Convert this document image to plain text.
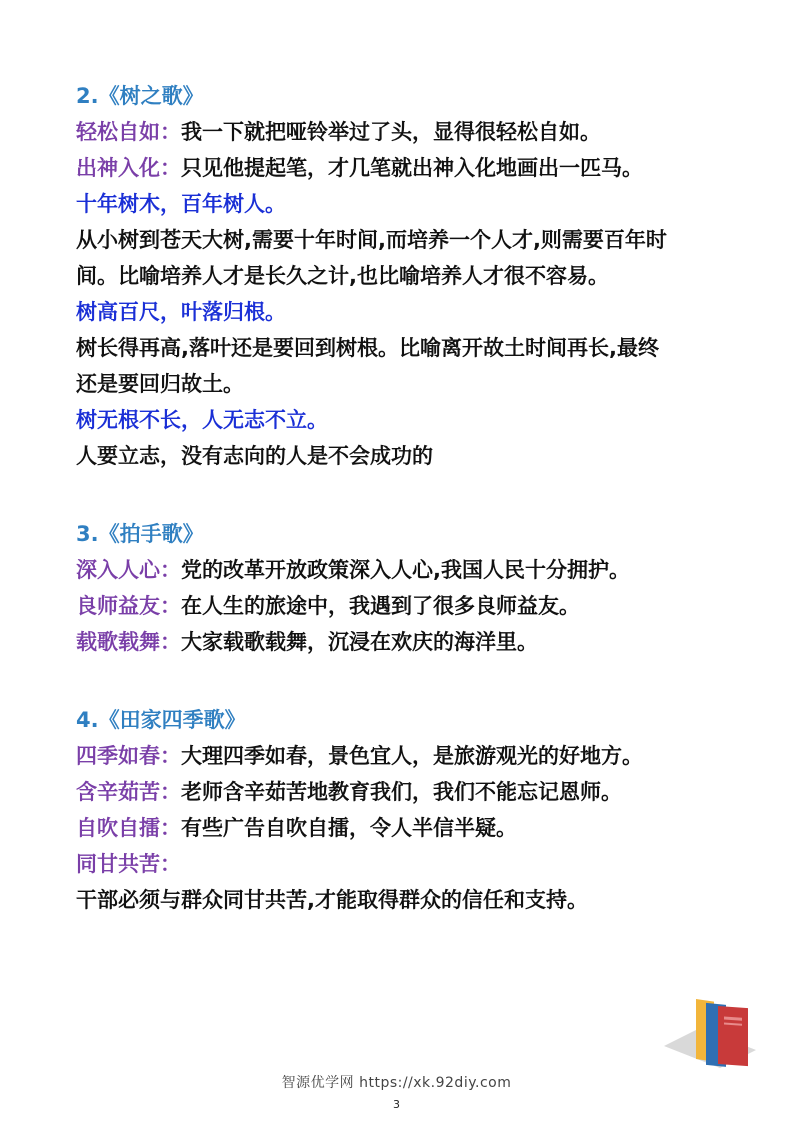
2.《树之歌》
轻松自如：我一下就把哑铃举过了头，显得很轻松自如。
出神入化：只见他提起笔，才几笔就出神入化地画出一匹马。
十年树木，百年树人。
从小树到苍天大树,需要十年时间,而培养一个人才,则需要百年时
间。比喻培养人才是长久之计,也比喻培养人才很不容易。
树高百尺，叶落归根。
树长得再高,落叶还是要回到树根。比喻离开故土时间再长,最终
还是要回归故土。
树无根不长，人无志不立。
人要立志，没有志向的人是不会成功的
3.《拍手歌》
深入人心：党的改革开放政策深入人心,我国人民十分拥护。
良师益友：在人生的旅途中，我遇到了很多良师益友。
载歌载舞：大家载歌载舞，沉浸在欢庆的海洋里。
4.《田家四季歌》
四季如春：大理四季如春，景色宜人，是旅游观光的好地方。
含辛茹苦：老师含辛茹苦地教育我们，我们不能忘记恩师。
自吹自擂：有些广告自吹自擂，令人半信半疑。
同甘共苦：
干部必须与群众同甘共苦,才能取得群众的信任和支持。
智源优学网 https://xk.92diy.com
3
